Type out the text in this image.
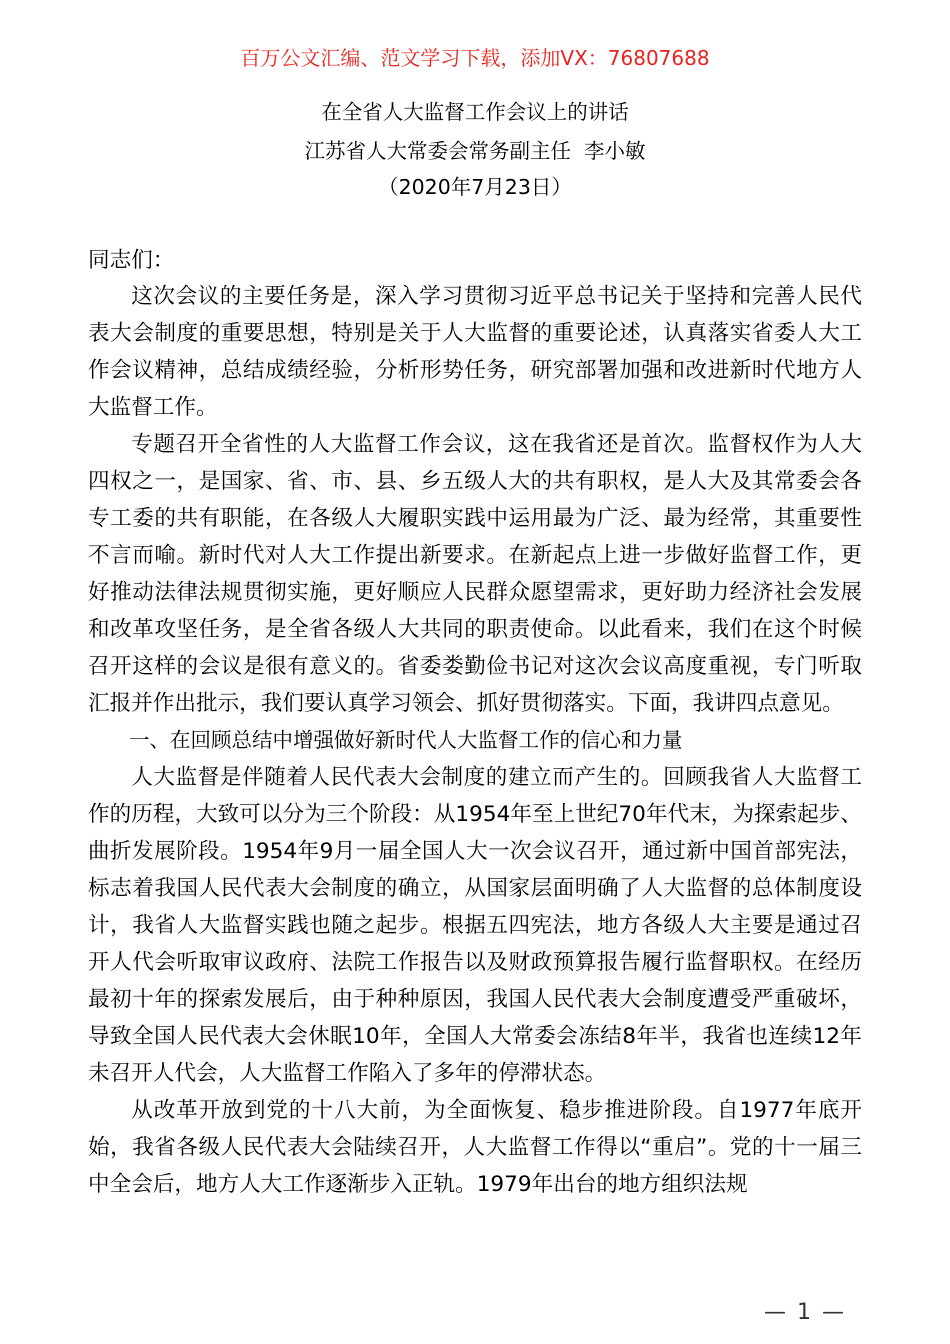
百万公文汇编、范文学习下载，添加VX：76807688
在全省人大监督工作会议上的讲话
江苏省人大常委会常务副主任  李小敏
（2020年7月23日）
同志们：

这次会议的主要任务是，深入学习贯彻习近平总书记关于坚持和完善人民代表大会制度的重要思想，特别是关于人大监督的重要论述，认真落实省委人大工作会议精神，总结成绩经验，分析形势任务，研究部署加强和改进新时代地方人大监督工作。

专题召开全省性的人大监督工作会议，这在我省还是首次。监督权作为人大四权之一，是国家、省、市、县、乡五级人大的共有职权，是人大及其常委会各专工委的共有职能，在各级人大履职实践中运用最为广泛、最为经常，其重要性不言而喻。新时代对人大工作提出新要求。在新起点上进一步做好监督工作，更好推动法律法规贯彻实施，更好顺应人民群众愿望需求，更好助力经济社会发展和改革攻坚任务，是全省各级人大共同的职责使命。以此看来，我们在这个时候召开这样的会议是很有意义的。省委娄勤俭书记对这次会议高度重视，专门听取汇报并作出批示，我们要认真学习领会、抓好贯彻落实。下面，我讲四点意见。

一、在回顾总结中增强做好新时代人大监督工作的信心和力量

人大监督是伴随着人民代表大会制度的建立而产生的。回顾我省人大监督工作的历程，大致可以分为三个阶段：从1954年至上世纪70年代末，为探索起步、曲折发展阶段。1954年9月一届全国人大一次会议召开，通过新中国首部宪法，标志着我国人民代表大会制度的确立，从国家层面明确了人大监督的总体制度设计，我省人大监督实践也随之起步。根据五四宪法，地方各级人大主要是通过召开人代会听取审议政府、法院工作报告以及财政预算报告履行监督职权。在经历最初十年的探索发展后，由于种种原因，我国人民代表大会制度遭受严重破坏，导致全国人民代表大会休眠10年，全国人大常委会冻结8年半，我省也连续12年未召开人代会，人大监督工作陷入了多年的停滞状态。

从改革开放到党的十八大前，为全面恢复、稳步推进阶段。自1977年底开始，我省各级人民代表大会陆续召开，人大监督工作得以“重启”。党的十一届三中全会后，地方人大工作逐渐步入正轨。1979年出台的地方组织法规

— 1 —
